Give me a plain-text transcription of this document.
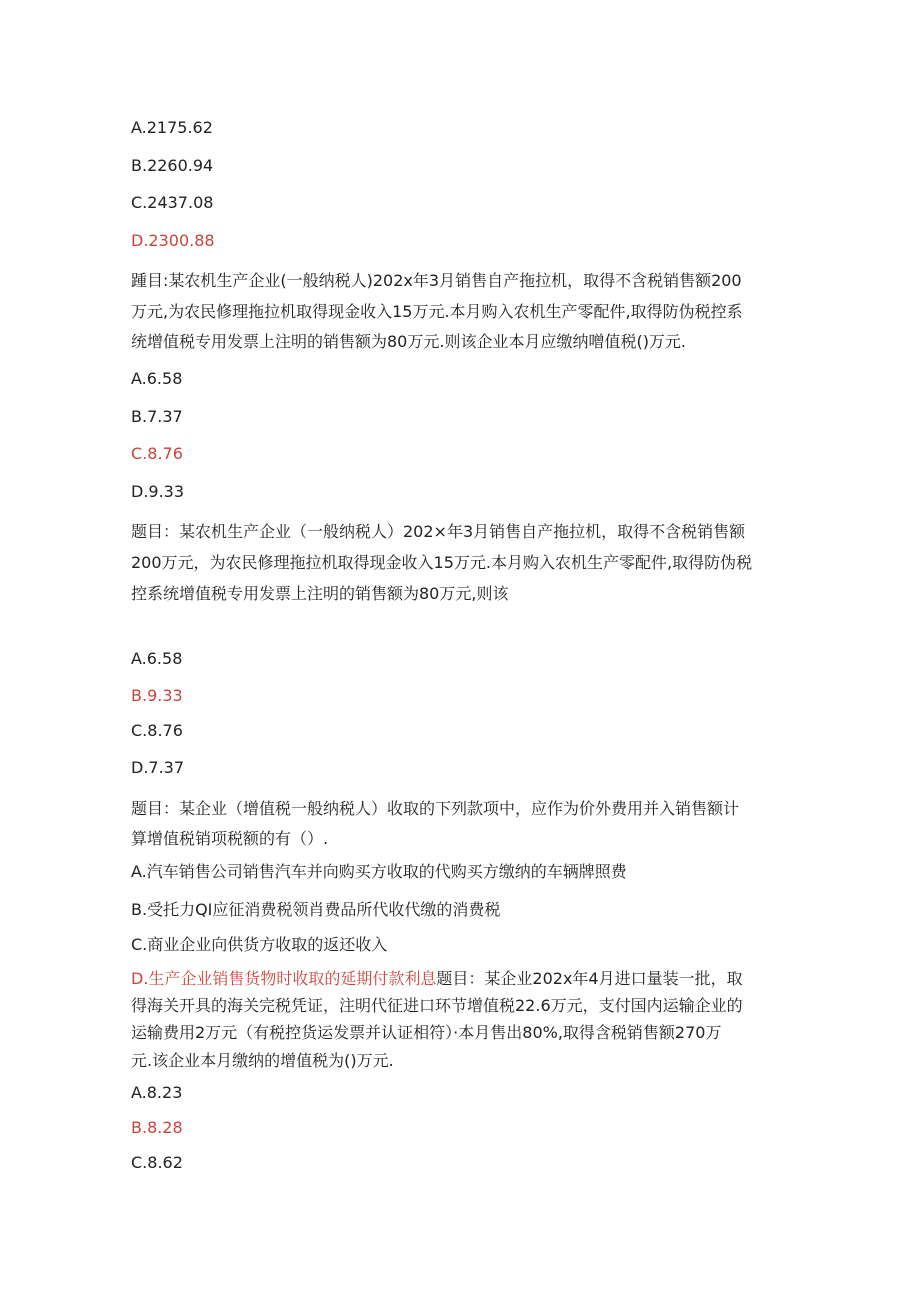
A.2175.62
B.2260.94
C.2437.08
D.2300.88
踵目:某农机生产企业(一般纳税人)202x年3月销售自产拖拉机，取得不含税销售额200
万元,为农民修理拖拉机取得现金收入15万元.本月购入农机生产零配件,取得防伪税控系
统增值税专用发票上注明的销售额为80万元.则该企业本月应缴纳噌值税()万元.
A.6.58
B.7.37
C.8.76
D.9.33
题目：某农机生产企业（一般纳税人）202×年3月销售自产拖拉机，取得不含税销售额
200万元，为农民修理拖拉机取得现金收入15万元.本月购入农机生产零配件,取得防伪税
控系统增值税专用发票上注明的销售额为80万元,则该
A.6.58
B.9.33
C.8.76
D.7.37
题目：某企业（增值税一般纳税人）收取的下列款项中，应作为价外费用并入销售额计
算增值税销项税额的有（）.
A.汽车销售公司销售汽车并向购买方收取的代购买方缴纳的车辆牌照费
B.受托力QI应征消费税领肖费品所代收代缴的消费税
C.商业企业向供货方收取的返还收入
D.生产企业销售货物时收取的延期付款利息题目：某企业202x年4月进口量装一批，取
得海关开具的海关完税凭证，注明代征进口环节增值税22.6万元，支付国内运输企业的
运输费用2万元（有税控货运发票并认证相符）·本月售出80%,取得含税销售额270万
元.该企业本月缴纳的增值税为()万元.
A.8.23
B.8.28
C.8.62
